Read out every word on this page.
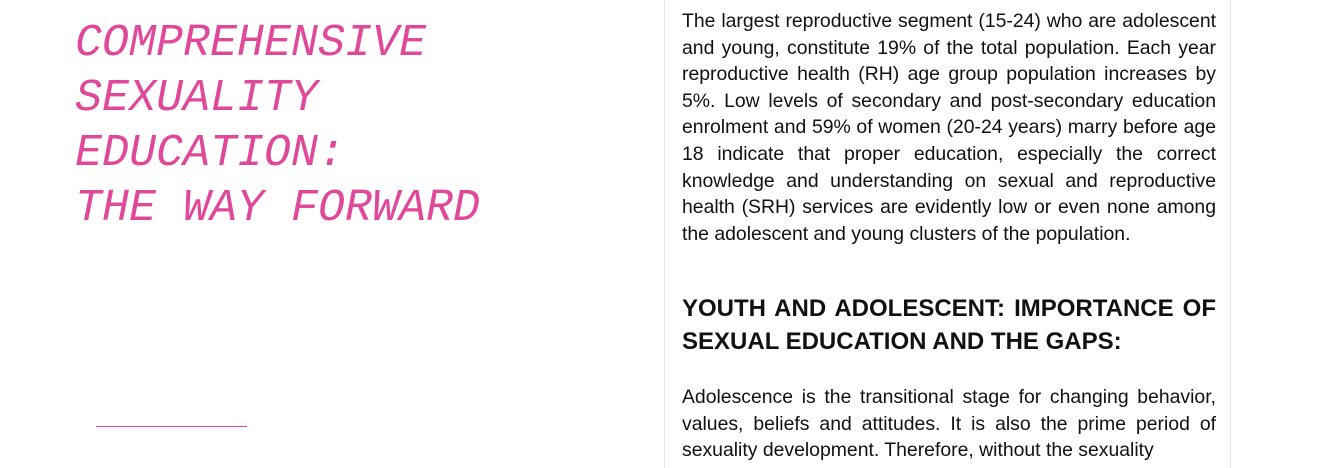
COMPREHENSIVE
SEXUALITY
EDUCATION:
THE WAY FORWARD

The largest reproductive segment (15-24) who are adolescent and young, constitute 19% of the total population. Each year reproductive health (RH) age group population increases by 5%. Low levels of secondary and post-secondary education enrolment and 59% of women (20-24 years) marry before age 18 indicate that proper education, especially the correct knowledge and understanding on sexual and reproductive health (SRH) services are evidently low or even none among the adolescent and young clusters of the population.

YOUTH AND ADOLESCENT: IMPORTANCE OF SEXUAL EDUCATION AND THE GAPS:

Adolescence is the transitional stage for changing behavior, values, beliefs and attitudes. It is also the prime period of sexuality development. Therefore, without the sexuality
